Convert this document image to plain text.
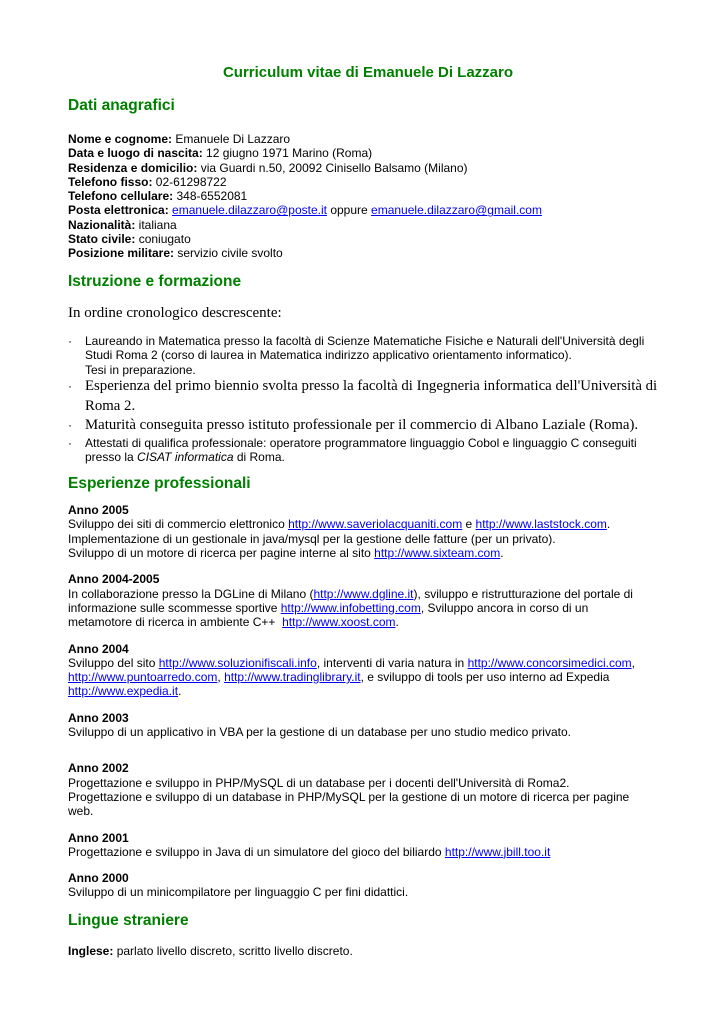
Curriculum vitae di Emanuele Di Lazzaro
Dati anagrafici
Nome e cognome: Emanuele Di Lazzaro
Data e luogo di nascita: 12 giugno 1971 Marino (Roma)
Residenza e domicilio: via Guardi n.50, 20092 Cinisello Balsamo (Milano)
Telefono fisso: 02-61298722
Telefono cellulare: 348-6552081
Posta elettronica: emanuele.dilazzaro@poste.it oppure emanuele.dilazzaro@gmail.com
Nazionalità: italiana
Stato civile: coniugato
Posizione militare: servizio civile svolto
Istruzione e formazione
In ordine cronologico descrescente:
·	Laureando in Matematica presso la facoltà di Scienze Matematiche Fisiche e Naturali dell'Università degli
Studi Roma 2 (corso di laurea in Matematica indirizzo applicativo orientamento informatico).
Tesi in preparazione.
· Esperienza del primo biennio svolta presso la facoltà di Ingegneria informatica dell'Università di
Roma 2.
· Maturità conseguita presso istituto professionale per il commercio di Albano Laziale (Roma).
·	Attestati di qualifica professionale: operatore programmatore linguaggio Cobol e linguaggio C conseguiti
presso la CISAT informatica di Roma.
Esperienze professionali
Anno 2005
Sviluppo dei siti di commercio elettronico http://www.saveriolacquaniti.com e http://www.laststock.com.
Implementazione di un gestionale in java/mysql per la gestione delle fatture (per un privato).
Sviluppo di un motore di ricerca per pagine interne al sito http://www.sixteam.com.
Anno 2004-2005
In collaborazione presso la DGLine di Milano (http://www.dgline.it), sviluppo e ristrutturazione del portale di
informazione sulle scommesse sportive http://www.infobetting.com, Sviluppo ancora in corso di un
metamotore di ricerca in ambiente C++  http://www.xoost.com.
Anno 2004
Sviluppo del sito http://www.soluzionifiscali.info, interventi di varia natura in http://www.concorsimedici.com,
http://www.puntoarredo.com, http://www.tradinglibrary.it, e sviluppo di tools per uso interno ad Expedia
http://www.expedia.it.
Anno 2003
Sviluppo di un applicativo in VBA per la gestione di un database per uno studio medico privato.
Anno 2002
Progettazione e sviluppo in PHP/MySQL di un database per i docenti dell'Università di Roma2.
Progettazione e sviluppo di un database in PHP/MySQL per la gestione di un motore di ricerca per pagine
web.
Anno 2001
Progettazione e sviluppo in Java di un simulatore del gioco del biliardo http://www.jbill.too.it
Anno 2000
Sviluppo di un minicompilatore per linguaggio C per fini didattici.
Lingue straniere
Inglese: parlato livello discreto, scritto livello discreto.
